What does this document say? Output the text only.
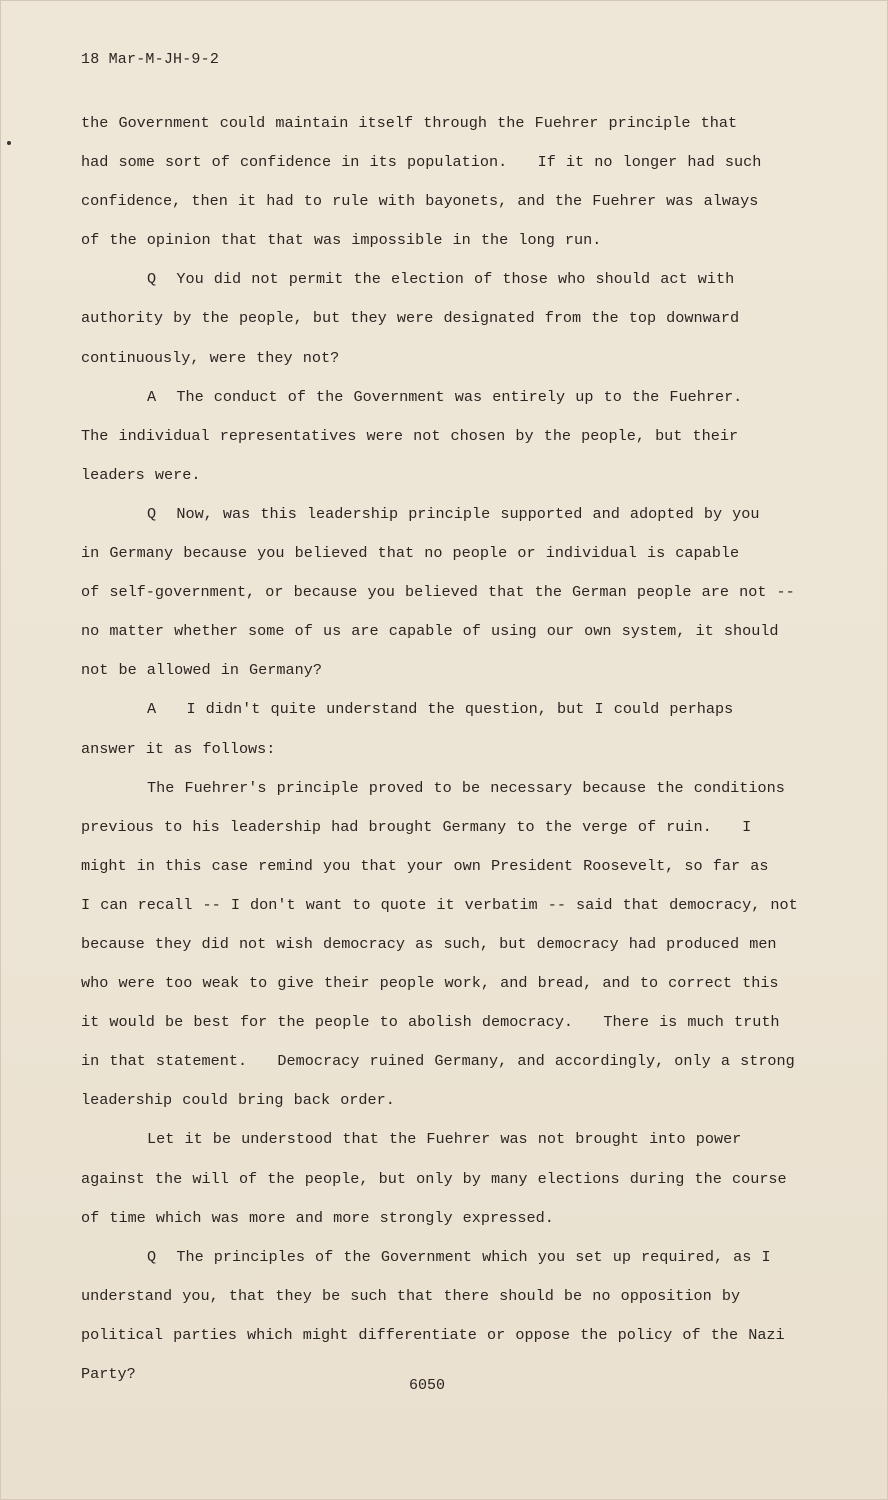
18 Mar-M-JH-9-2
the Government could maintain itself through the Fuehrer principle that
had some sort of confidence in its population.   If it no longer had such
confidence, then it had to rule with bayonets, and the Fuehrer was always
of the opinion that that was impossible in the long run.
Q  You did not permit the election of those who should act with
authority by the people, but they were designated from the top downward
continuously, were they not?
A  The conduct of the Government was entirely up to the Fuehrer.
The individual representatives were not chosen by the people, but their
leaders were.
Q  Now, was this leadership principle supported and adopted by you
in Germany because you believed that no people or individual is capable
of self-government, or because you believed that the German people are not --
no matter whether some of us are capable of using our own system, it should
not be allowed in Germany?
A   I didn't quite understand the question, but I could perhaps
answer it as follows:
The Fuehrer's principle proved to be necessary because the conditions
previous to his leadership had brought Germany to the verge of ruin.   I
might in this case remind you that your own President Roosevelt, so far as
I can recall -- I don't want to quote it verbatim -- said that democracy, not
because they did not wish democracy as such, but democracy had produced men
who were too weak to give their people work, and bread, and to correct this
it would be best for the people to abolish democracy.   There is much truth
in that statement.   Democracy ruined Germany, and accordingly, only a strong
leadership could bring back order.
Let it be understood that the Fuehrer was not brought into power
against the will of the people, but only by many elections during the course
of time which was more and more strongly expressed.
Q  The principles of the Government which you set up required, as I
understand you, that they be such that there should be no opposition by
political parties which might differentiate or oppose the policy of the Nazi
Party?
6050
